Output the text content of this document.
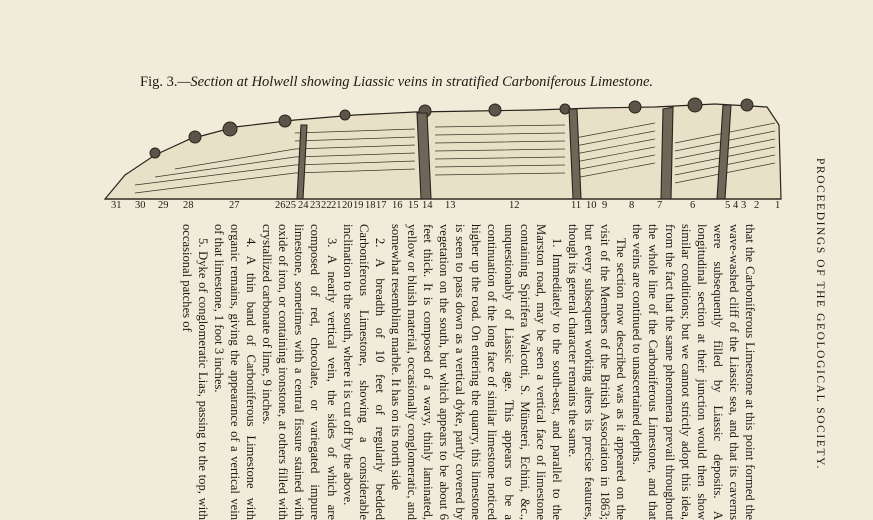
Fig. 3.—Section at Holwell showing Liassic veins in stratified Carboniferous Limestone.
PROCEEDINGS OF THE GEOLOGICAL SOCIETY.
31 30 29 28	27	2625 24 23 22 21 20 19 18 17 16 15 14 13	12	11 10 9 8 7	6	5 4 3 2 1

that the Carboniferous Limestone at this point formed the wave-washed cliff of the Liassic sea, and that its caverns were subsequently filled by Liassic deposits. A longitudinal section at their junction would then show similar conditions; but we cannot strictly adopt this idea, from the fact that the same phenomena prevail throughout the whole line of the Carboniferous Limestone, and that the veins are continued to unascertained depths.

The section now described was as it appeared on the visit of the Members of the British Association in 1863; but every subsequent working alters its precise features, though its general character remains the same.

1. Immediately to the south-east, and parallel to the Marston road, may be seen a vertical face of limestone containing Spirifera Walcotti, S. Münsteri, Echini, &c., unquestionably of Liassic age. This appears to be a continuation of the long face of similar limestone noticed higher up the road. On entering the quarry, this limestone is seen to pass down as a vertical dyke, partly covered by vegetation on the south, but which appears to be about 6 feet thick. It is composed of a wavy, thinly laminated, yellow or bluish material, occasionally conglomeratic, and somewhat resembling marble. It has on its north side

2. A breadth of 10 feet of regularly bedded Carboniferous Limestone, showing a considerable inclination to the south, where it is cut off by the above.

3. A nearly vertical vein, the sides of which are composed of red, chocolate, or variegated impure limestone, sometimes with a central fissure stained with oxide of iron, or containing ironstone, at others filled with crystallized carbonate of lime, 9 inches.

4. A thin band of Carboniferous Limestone with organic remains, giving the appearance of a vertical vein of that limestone, 1 foot 3 inches.

5. Dyke of conglomeratic Lias, passing to the top, with occasional patches of
